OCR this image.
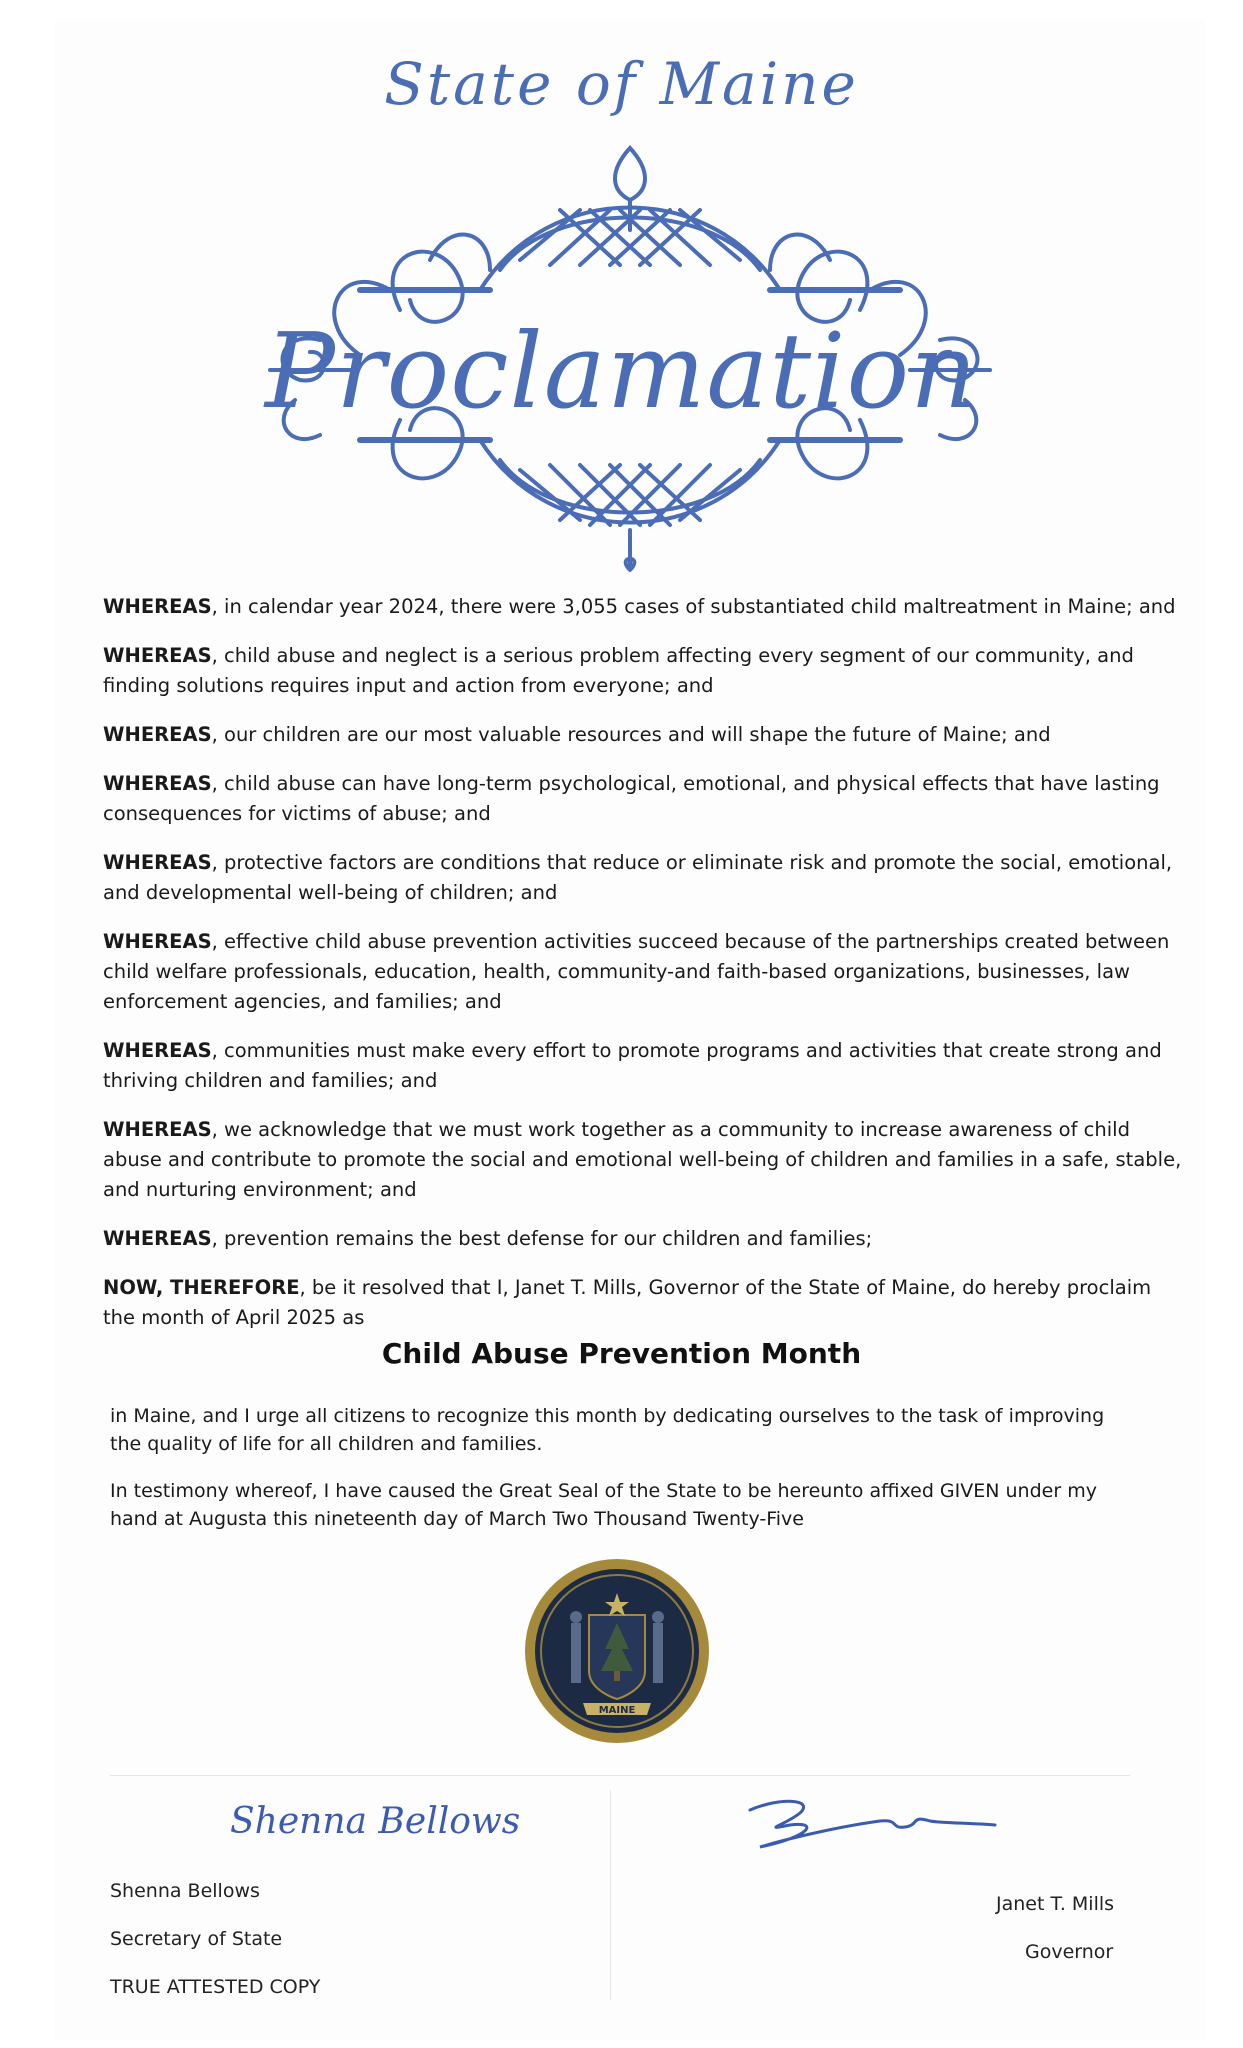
State of Maine
Proclamation

WHEREAS, in calendar year 2024, there were 3,055 cases of substantiated child maltreatment in Maine; and

WHEREAS, child abuse and neglect is a serious problem affecting every segment of our community, and finding solutions requires input and action from everyone; and

WHEREAS, our children are our most valuable resources and will shape the future of Maine; and

WHEREAS, child abuse can have long-term psychological, emotional, and physical effects that have lasting consequences for victims of abuse; and

WHEREAS, protective factors are conditions that reduce or eliminate risk and promote the social, emotional, and developmental well-being of children; and

WHEREAS, effective child abuse prevention activities succeed because of the partnerships created between child welfare professionals, education, health, community-and faith-based organizations, businesses, law enforcement agencies, and families; and

WHEREAS, communities must make every effort to promote programs and activities that create strong and thriving children and families; and

WHEREAS, we acknowledge that we must work together as a community to increase awareness of child abuse and contribute to promote the social and emotional well-being of children and families in a safe, stable, and nurturing environment; and

WHEREAS, prevention remains the best defense for our children and families;

NOW, THEREFORE, be it resolved that I, Janet T. Mills, Governor of the State of Maine, do hereby proclaim the month of April 2025 as

Child Abuse Prevention Month

in Maine, and I urge all citizens to recognize this month by dedicating ourselves to the task of improving the quality of life for all children and families.

In testimony whereof, I have caused the Great Seal of the State to be hereunto affixed GIVEN under my hand at Augusta this nineteenth day of March Two Thousand Twenty-Five

MAINE
Shenna Bellows
Shenna Bellows
Secretary of State
TRUE ATTESTED COPY
Janet T. Mills
Governor
